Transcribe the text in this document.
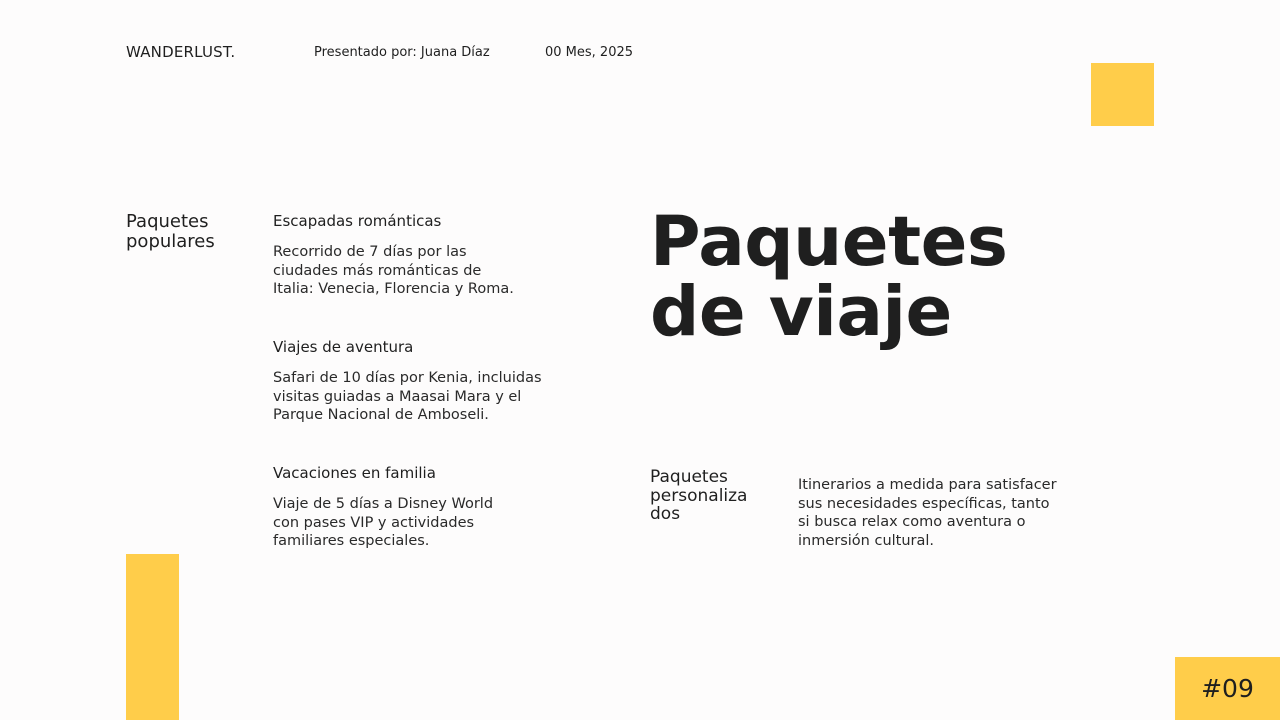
WANDERLUST.	Presentado por: Juana Díaz	00 Mes, 2025
Paquetes populares
Escapadas románticas
Recorrido de 7 días por las
ciudades más románticas de
Italia: Venecia, Florencia y Roma.
Viajes de aventura
Safari de 10 días por Kenia, incluidas
visitas guiadas a Maasai Mara y el
Parque Nacional de Amboseli.
Vacaciones en familia
Viaje de 5 días a Disney World
con pases VIP y actividades
familiares especiales.
Paquetes
de viaje
Paquetes
personaliza
dos
Itinerarios a medida para satisfacer
sus necesidades específicas, tanto
si busca relax como aventura o
inmersión cultural.
#09
